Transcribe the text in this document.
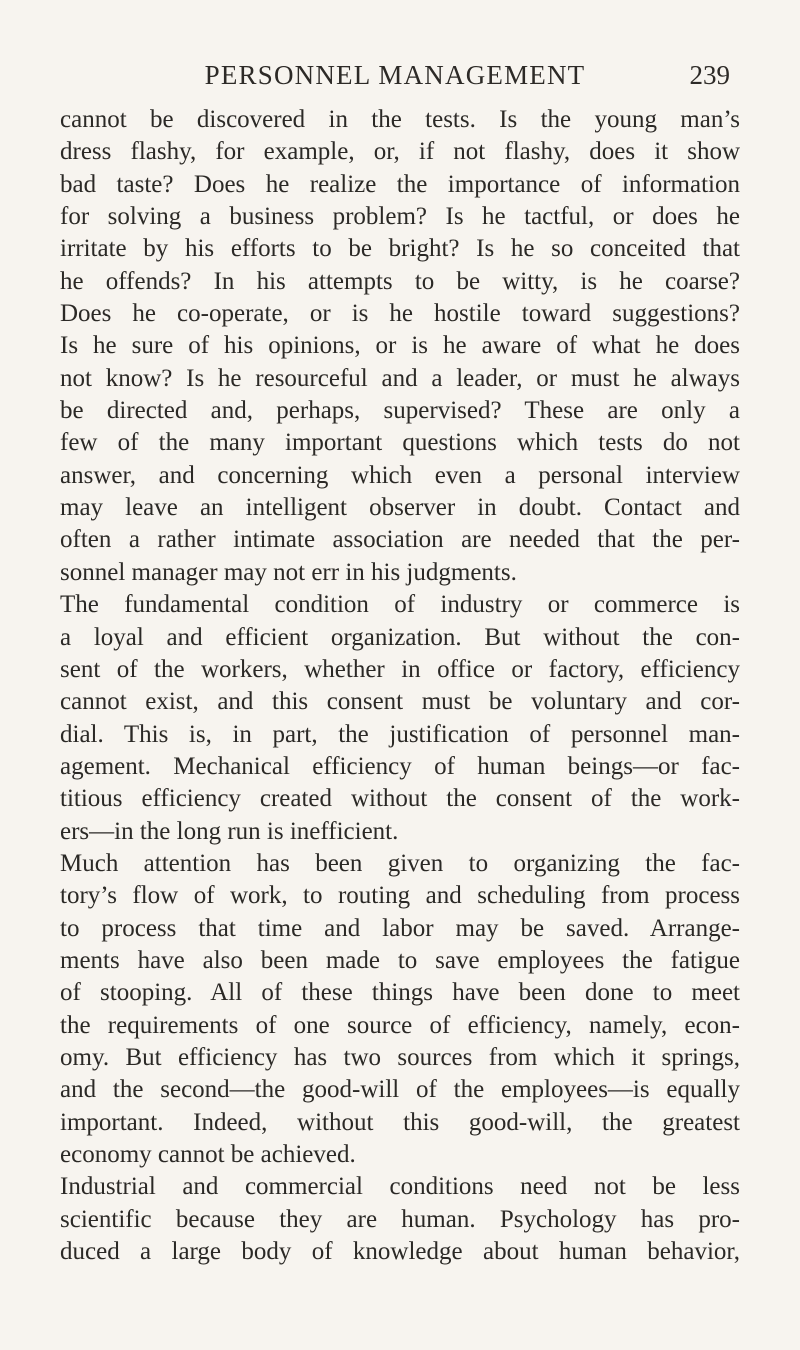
PERSONNEL MANAGEMENT	239
cannot be discovered in the tests. Is the young man’s
dress flashy, for example, or, if not flashy, does it show
bad taste? Does he realize the importance of information
for solving a business problem? Is he tactful, or does he
irritate by his efforts to be bright? Is he so conceited that
he offends? In his attempts to be witty, is he coarse?
Does he co-operate, or is he hostile toward suggestions?
Is he sure of his opinions, or is he aware of what he does
not know? Is he resourceful and a leader, or must he always
be directed and, perhaps, supervised? These are only a
few of the many important questions which tests do not
answer, and concerning which even a personal interview
may leave an intelligent observer in doubt. Contact and
often a rather intimate association are needed that the per-
sonnel manager may not err in his judgments.
The fundamental condition of industry or commerce is
a loyal and efficient organization. But without the con-
sent of the workers, whether in office or factory, efficiency
cannot exist, and this consent must be voluntary and cor-
dial. This is, in part, the justification of personnel man-
agement. Mechanical efficiency of human beings—or fac-
titious efficiency created without the consent of the work-
ers—in the long run is inefficient.
Much attention has been given to organizing the fac-
tory’s flow of work, to routing and scheduling from process
to process that time and labor may be saved. Arrange-
ments have also been made to save employees the fatigue
of stooping. All of these things have been done to meet
the requirements of one source of efficiency, namely, econ-
omy. But efficiency has two sources from which it springs,
and the second—the good-will of the employees—is equally
important. Indeed, without this good-will, the greatest
economy cannot be achieved.
Industrial and commercial conditions need not be less
scientific because they are human. Psychology has pro-
duced a large body of knowledge about human behavior,
